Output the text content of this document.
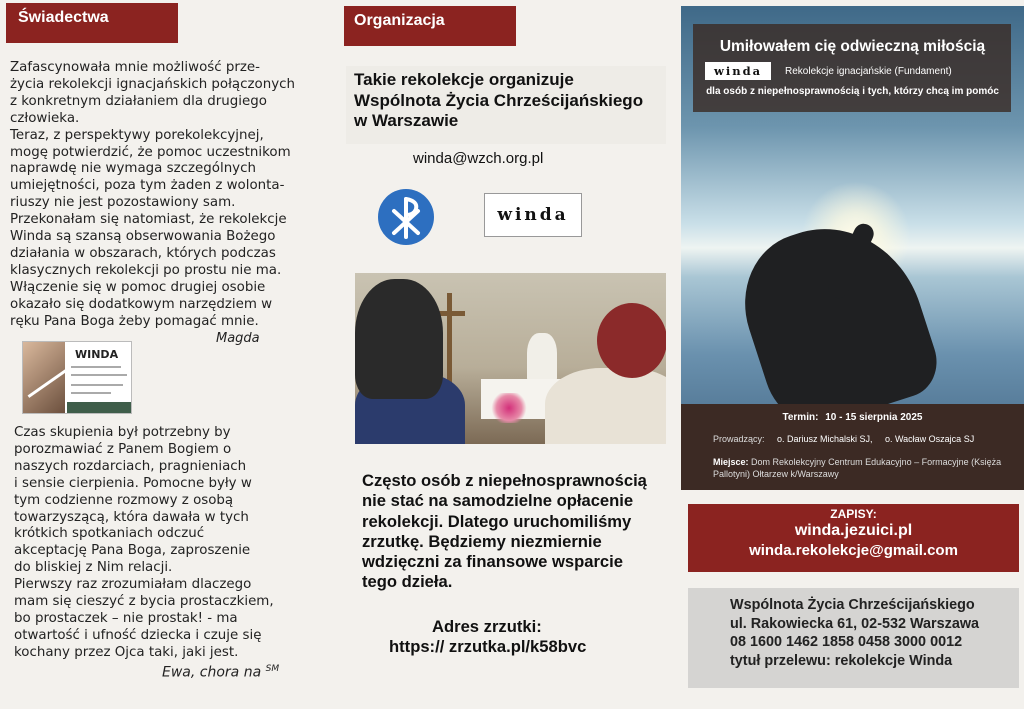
Świadectwa
Zafascynowała mnie możliwość prze-
życia rekolekcji ignacjańskich połączonych
z konkretnym działaniem dla drugiego
człowieka.
Teraz, z perspektywy porekolekcyjnej,
mogę potwierdzić, że pomoc uczestnikom
naprawdę nie wymaga szczególnych
umiejętności, poza tym żaden z wolonta-
riuszy nie jest pozostawiony sam.
Przekonałam się natomiast, że rekolekcje
Winda są szansą obserwowania Bożego
działania w obszarach, których podczas
klasycznych rekolekcji po prostu nie ma.
Włączenie się w pomoc drugiej osobie
okazało się dodatkowym narzędziem w
ręku Pana Boga żeby pomagać mnie.
Magda
WINDA
Czas skupienia był potrzebny by
porozmawiać z Panem Bogiem o
naszych rozdarciach, pragnieniach
i sensie cierpienia. Pomocne były w
tym codzienne rozmowy z osobą
towarzyszącą, która dawała w tych
krótkich spotkaniach odczuć
akceptację Pana Boga, zaproszenie
do bliskiej z Nim relacji.
Pierwszy raz zrozumiałam dlaczego
mam się cieszyć z bycia prostaczkiem,
bo prostaczek – nie prostak! - ma
otwartość i ufność dziecka i czuje się
kochany przez Ojca taki, jaki jest.
Ewa, chora na ℠
Organizacja
Takie rekolekcje organizuje
Wspólnota Życia Chrześcijańskiego
w Warszawie
winda@wzch.org.pl
winda
Często osób z niepełnosprawnością
nie stać na samodzielne opłacenie
rekolekcji. Dlatego uruchomiliśmy
zrzutkę. Będziemy niezmiernie
wdzięczni za finansowe wsparcie
tego dzieła.
Adres zrzutki:
https:// zrzutka.pl/k58bvc
Umiłowałem cię odwieczną miłością
winda	Rekolekcje ignacjańskie (Fundament)
dla osób z niepełnosprawnością i tych, którzy chcą im pomóc
Termin: 10 - 15 sierpnia 2025
Prowadzący: o. Dariusz Michalski SJ, o. Wacław Oszajca SJ
Miejsce: Dom Rekolekcyjny Centrum Edukacyjno – Formacyjne (Księża Pallotyni) Ołtarzew k/Warszawy
ZAPISY:
winda.jezuici.pl
winda.rekolekcje@gmail.com
Wspólnota Życia Chrześcijańskiego
ul. Rakowiecka 61, 02-532 Warszawa
08 1600 1462 1858 0458 3000 0012
tytuł przelewu: rekolekcje Winda
